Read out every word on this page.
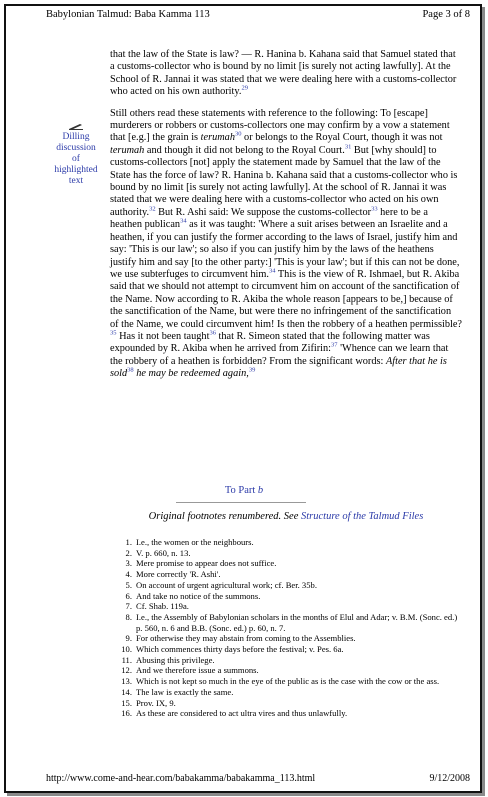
Babylonian Talmud: Baba Kamma 113	Page 3 of 8
Dilling discussion of highlighted text

that the law of the State is law? — R. Hanina b. Kahana said that Samuel stated that a customs-collector who is bound by no limit [is surely not acting lawfully]. At the School of R. Jannai it was stated that we were dealing here with a customs-collector who acted on his own authority.$^{29}$

Still others read these statements with reference to the following: To [escape] murderers or robbers or customs-collectors one may confirm by a vow a statement that [e.g.] the grain is terumah$^{30}$ or belongs to the Royal Court, though it was not terumah and though it did not belong to the Royal Court.$^{31}$ But [why should] to customs-collectors [not] apply the statement made by Samuel that the law of the State has the force of law? R. Hanina b. Kahana said that a customs-collector who is bound by no limit [is surely not acting lawfully]. At the school of R. Jannai it was stated that we were dealing here with a customs-collector who acted on his own authority.$^{32}$ But R. Ashi said: We suppose the customs-collector$^{33}$ here to be a heathen publican$^{34}$ as it was taught: 'Where a suit arises between an Israelite and a heathen, if you can justify the former according to the laws of Israel, justify him and say: 'This is our law'; so also if you can justify him by the laws of the heathens justify him and say [to the other party:] 'This is your law'; but if this can not be done, we use subterfuges to circumvent him.$^{34}$ This is the view of R. Ishmael, but R. Akiba said that we should not attempt to circumvent him on account of the sanctification of the Name. Now according to R. Akiba the whole reason [appears to be,] because of the sanctification of the Name, but were there no infringement of the sanctification of the Name, we could circumvent him! Is then the robbery of a heathen permissible?$^{35}$ Has it not been taught$^{36}$ that R. Simeon stated that the following matter was expounded by R. Akiba when he arrived from Zifirin:$^{37}$ 'Whence can we learn that the robbery of a heathen is forbidden? From the significant words: After that he is sold$^{38}$ he may be redeemed again,$^{39}$

To Part b
Original footnotes renumbered. See Structure of the Talmud Files
1. I.e., the women or the neighbours.
2. V. p. 660, n. 13.
3. Mere promise to appear does not suffice.
4. More correctly 'R. Ashi'.
5. On account of urgent agricultural work; cf. Ber. 35b.
6. And take no notice of the summons.
7. Cf. Shab. 119a.
8. I.e., the Assembly of Babylonian scholars in the months of Elul and Adar; v. B.M. (Sonc. ed.) p. 560, n. 6 and B.B. (Sonc. ed.) p. 60, n. 7.
9. For otherwise they may abstain from coming to the Assemblies.
10. Which commences thirty days before the festival; v. Pes. 6a.
11. Abusing this privilege.
12. And we therefore issue a summons.
13. Which is not kept so much in the eye of the public as is the case with the cow or the ass.
14. The law is exactly the same.
15. Prov. IX, 9.
16. As these are considered to act ultra vires and thus unlawfully.
http://www.come-and-hear.com/babakamma/babakamma_113.html	9/12/2008
